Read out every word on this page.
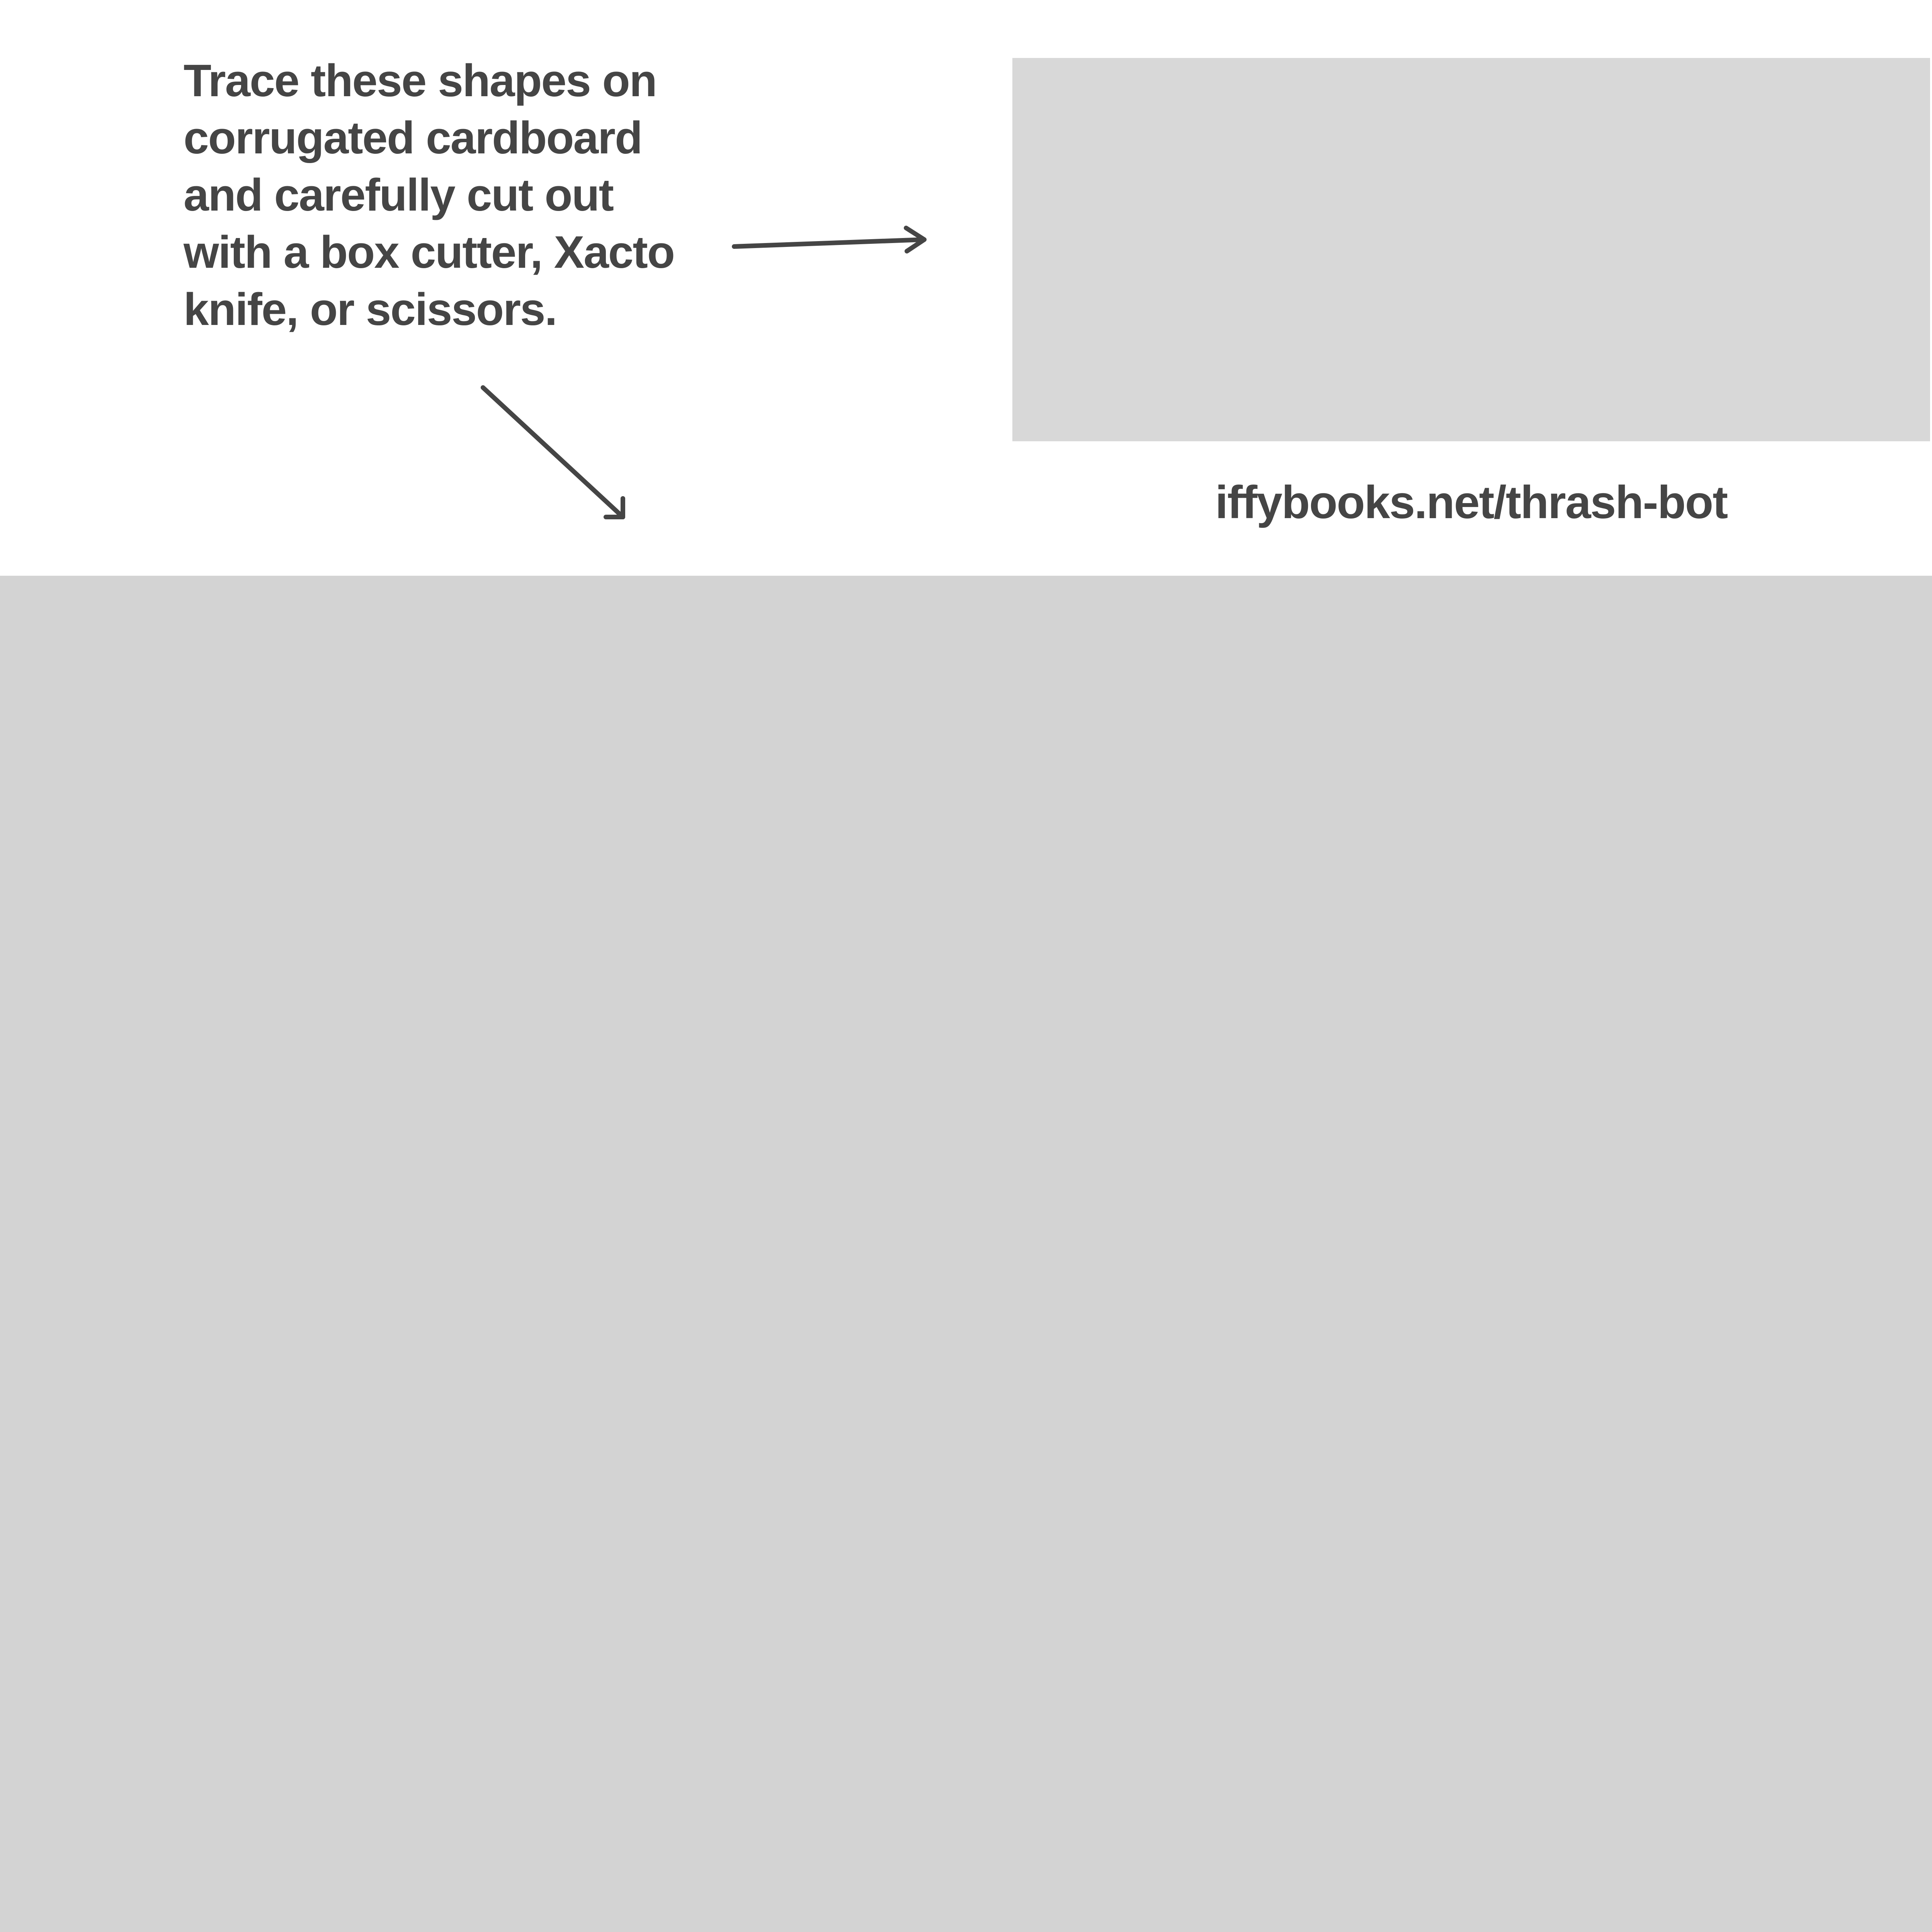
Trace these shapes on
corrugated cardboard
and carefully cut out
with a box cutter, Xacto
knife, or scissors.

iffybooks.net/thrash-bot
